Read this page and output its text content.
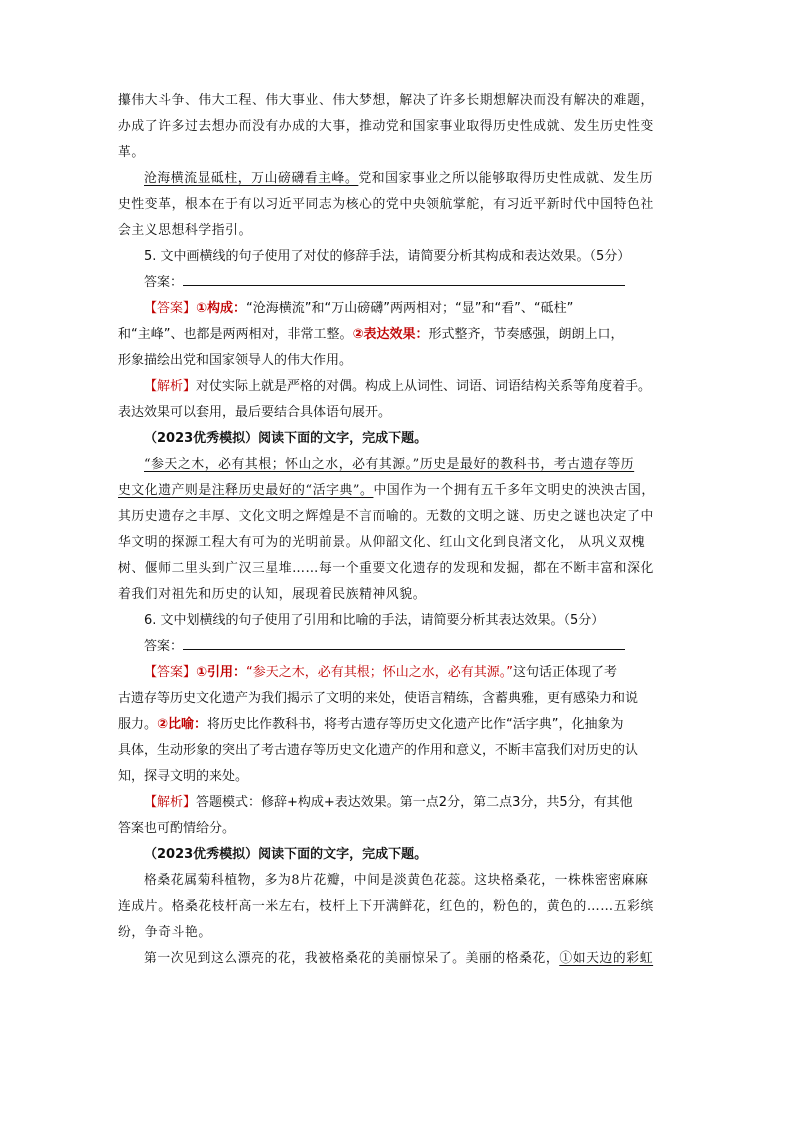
攥伟大斗争、伟大工程、伟大事业、伟大梦想，解决了许多长期想解决而没有解决的难题，

办成了许多过去想办而没有办成的大事，推动党和国家事业取得历史性成就、发生历史性变

革。

沧海横流显砥柱，万山磅礴看主峰。党和国家事业之所以能够取得历史性成就、发生历

史性变革，根本在于有以习近平同志为核心的党中央领航掌舵，有习近平新时代中国特色社

会主义思想科学指引。

5. 文中画横线的句子使用了对仗的修辞手法，请简要分析其构成和表达效果。（5分）

答案：

【答案】①构成：“沧海横流”和“万山磅礴”两两相对；“显”和“看”、“砥柱”

和“主峰”、也都是两两相对，非常工整。②表达效果：形式整齐，节奏感强，朗朗上口，

形象描绘出党和国家领导人的伟大作用。

【解析】对仗实际上就是严格的对偶。构成上从词性、词语、词语结构关系等角度着手。

表达效果可以套用，最后要结合具体语句展开。

（2023优秀模拟）阅读下面的文字，完成下题。

“参天之木，必有其根；怀山之水，必有其源。”历史是最好的教科书，考古遗存等历

史文化遗产则是注释历史最好的“活字典”。中国作为一个拥有五千多年文明史的泱泱古国，

其历史遗存之丰厚、文化文明之辉煌是不言而喻的。无数的文明之谜、历史之谜也决定了中

华文明的探源工程大有可为的光明前景。从仰韶文化、红山文化到良渚文化， 从巩义双槐

树、偃师二里头到广汉三星堆……每一个重要文化遗存的发现和发掘，都在不断丰富和深化

着我们对祖先和历史的认知，展现着民族精神风貌。

6. 文中划横线的句子使用了引用和比喻的手法，请简要分析其表达效果。（5分）

答案：

【答案】①引用：“参天之木，必有其根；怀山之水，必有其源。”这句话正体现了考

古遗存等历史文化遗产为我们揭示了文明的来处，使语言精练，含蓄典雅，更有感染力和说

服力。②比喻：将历史比作教科书，将考古遗存等历史文化遗产比作“活字典”，化抽象为

具体，生动形象的突出了考古遗存等历史文化遗产的作用和意义，不断丰富我们对历史的认

知，探寻文明的来处。

【解析】答题模式：修辞+构成+表达效果。第一点2分，第二点3分，共5分，有其他

答案也可酌情给分。

（2023优秀模拟）阅读下面的文字，完成下题。

格桑花属菊科植物，多为8片花瓣，中间是淡黄色花蕊。这块格桑花，一株株密密麻麻

连成片。格桑花枝杆高一米左右，枝杆上下开满鲜花，红色的，粉色的，黄色的……五彩缤

纷，争奇斗艳。

第一次见到这么漂亮的花，我被格桑花的美丽惊呆了。美丽的格桑花，①如天边的彩虹
